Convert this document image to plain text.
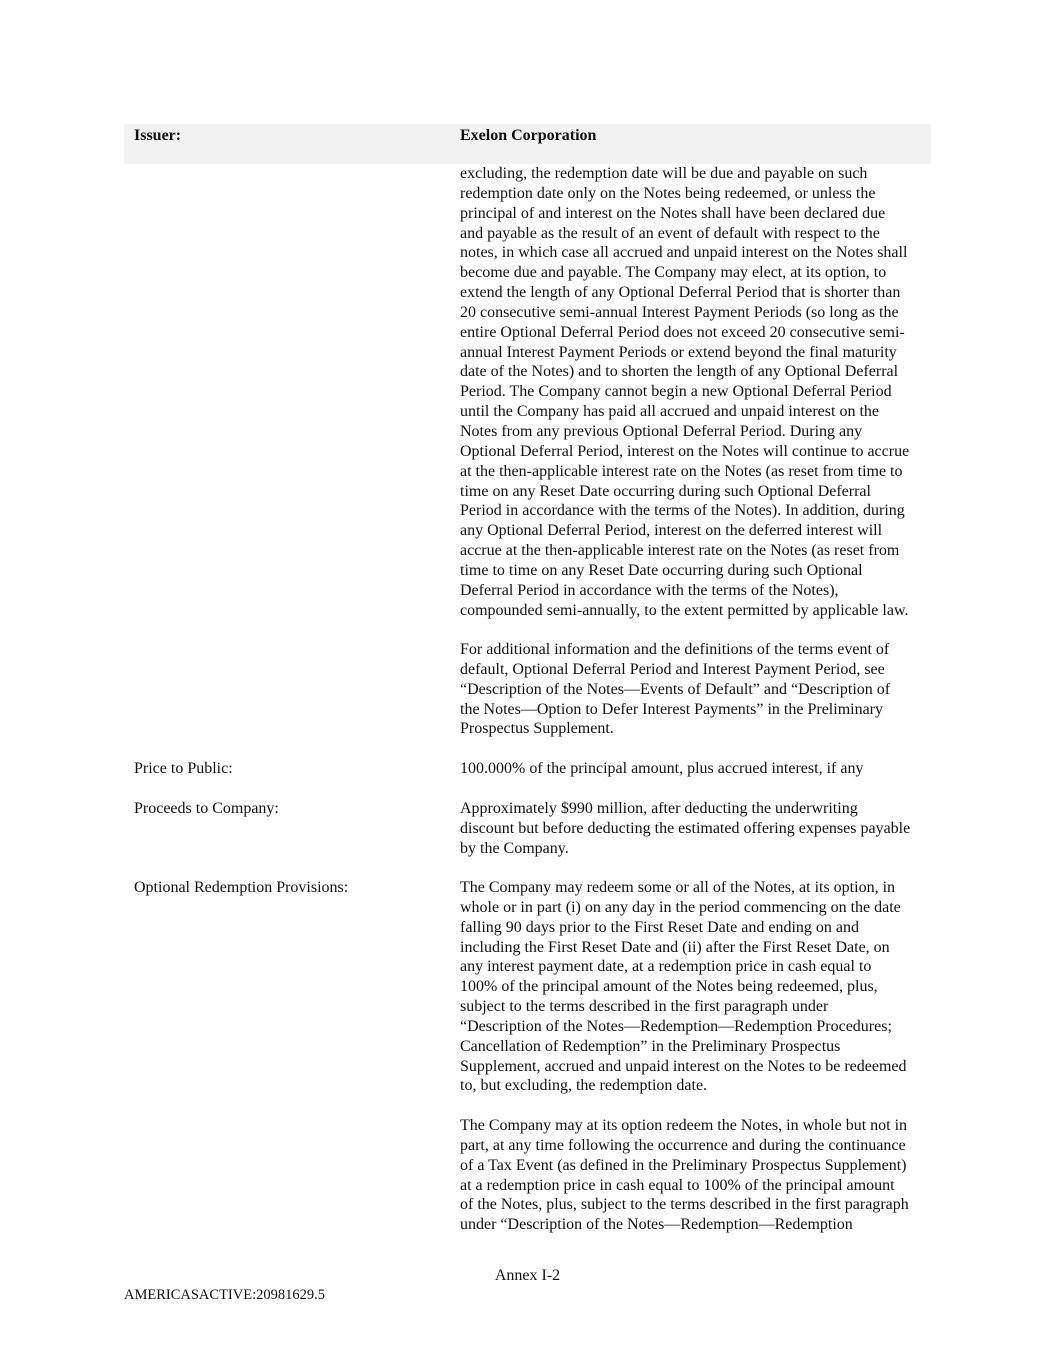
Issuer:	Exelon Corporation
excluding, the redemption date will be due and payable on such
redemption date only on the Notes being redeemed, or unless the
principal of and interest on the Notes shall have been declared due
and payable as the result of an event of default with respect to the
notes, in which case all accrued and unpaid interest on the Notes shall
become due and payable. The Company may elect, at its option, to
extend the length of any Optional Deferral Period that is shorter than
20 consecutive semi-annual Interest Payment Periods (so long as the
entire Optional Deferral Period does not exceed 20 consecutive semi-
annual Interest Payment Periods or extend beyond the final maturity
date of the Notes) and to shorten the length of any Optional Deferral
Period. The Company cannot begin a new Optional Deferral Period
until the Company has paid all accrued and unpaid interest on the
Notes from any previous Optional Deferral Period. During any
Optional Deferral Period, interest on the Notes will continue to accrue
at the then-applicable interest rate on the Notes (as reset from time to
time on any Reset Date occurring during such Optional Deferral
Period in accordance with the terms of the Notes). In addition, during
any Optional Deferral Period, interest on the deferred interest will
accrue at the then-applicable interest rate on the Notes (as reset from
time to time on any Reset Date occurring during such Optional
Deferral Period in accordance with the terms of the Notes),
compounded semi-annually, to the extent permitted by applicable law.
For additional information and the definitions of the terms event of
default, Optional Deferral Period and Interest Payment Period, see
“Description of the Notes—Events of Default” and “Description of
the Notes—Option to Defer Interest Payments” in the Preliminary
Prospectus Supplement.
Price to Public:	100.000% of the principal amount, plus accrued interest, if any
Proceeds to Company:	Approximately $990 million, after deducting the underwriting
discount but before deducting the estimated offering expenses payable
by the Company.
Optional Redemption Provisions:	The Company may redeem some or all of the Notes, at its option, in
whole or in part (i) on any day in the period commencing on the date
falling 90 days prior to the First Reset Date and ending on and
including the First Reset Date and (ii) after the First Reset Date, on
any interest payment date, at a redemption price in cash equal to
100% of the principal amount of the Notes being redeemed, plus,
subject to the terms described in the first paragraph under
“Description of the Notes—Redemption—Redemption Procedures;
Cancellation of Redemption” in the Preliminary Prospectus
Supplement, accrued and unpaid interest on the Notes to be redeemed
to, but excluding, the redemption date.
The Company may at its option redeem the Notes, in whole but not in
part, at any time following the occurrence and during the continuance
of a Tax Event (as defined in the Preliminary Prospectus Supplement)
at a redemption price in cash equal to 100% of the principal amount
of the Notes, plus, subject to the terms described in the first paragraph
under “Description of the Notes—Redemption—Redemption
Annex I-2
AMERICASACTIVE:20981629.5
